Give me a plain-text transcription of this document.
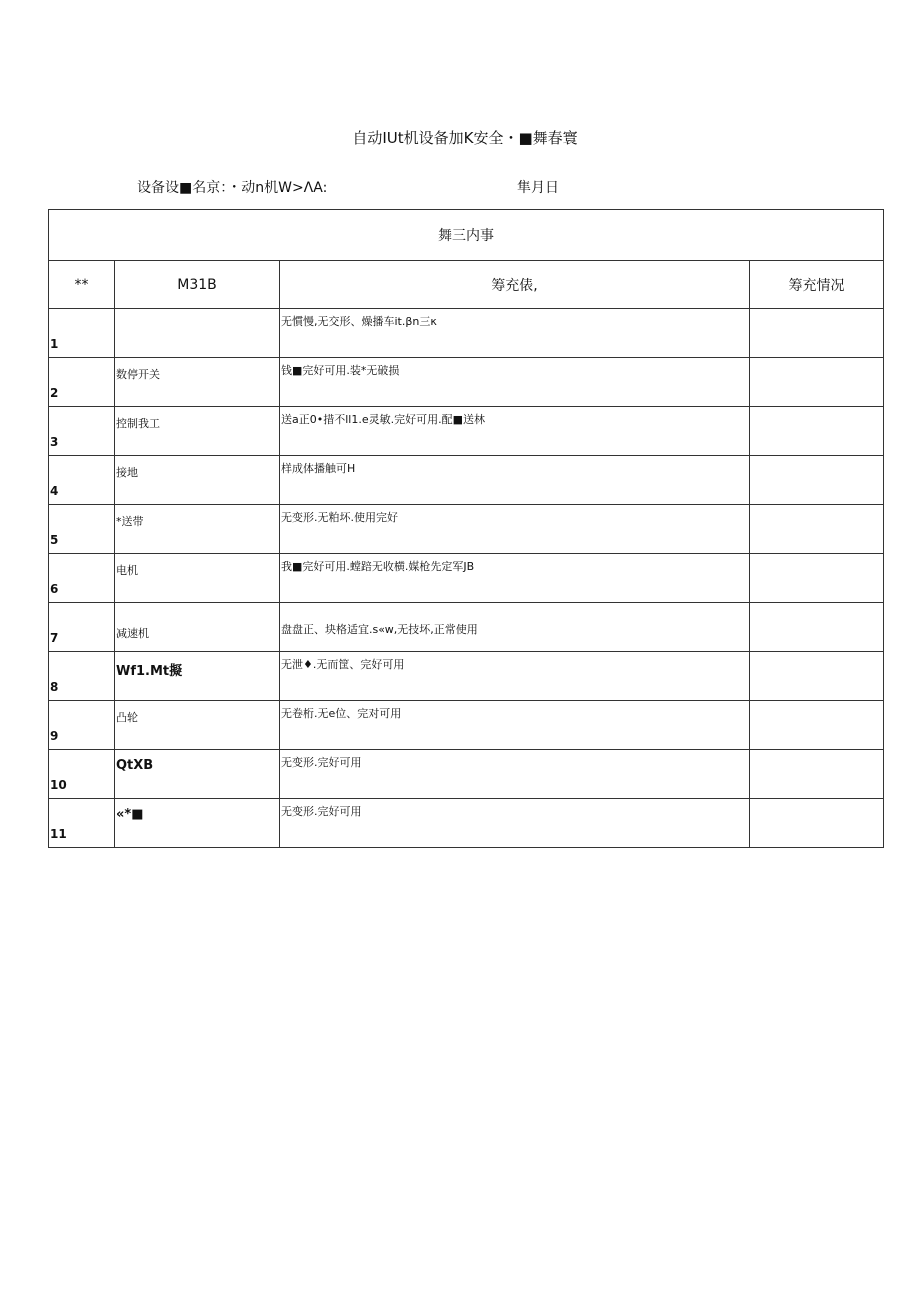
自动IUt机设备加K安全・■舞春寰
设备设■名京：・动n机W>ΛA:	隼月日
舞三内事			
**	M31B	筹充俵,	筹充情况

1		无慣慢,无交形、燥播车it.βn三κ	

2	数停开关	钱■完好可用.装*无破损	

3	控制我工	送a正0•措不ll1.e灵敏.完好可用.配■送林	

4	接地	样成体播触可H	

5	*送带	无变形.无粕坏.使用完好	

6	电机	我■完好可用.螳踣无收横.媒枪先定军JB	

7	减速机	盘盘正、块格适宜.s«w,无技坏,正常使用	

8	Wf1.Mt擬	无泄♦.无而筐、完好可用	

9	凸轮	无卷桁.无e位、完对可用	

10	QtXB	无变形.完好可用	

11	«*■	无变形.完好可用	
